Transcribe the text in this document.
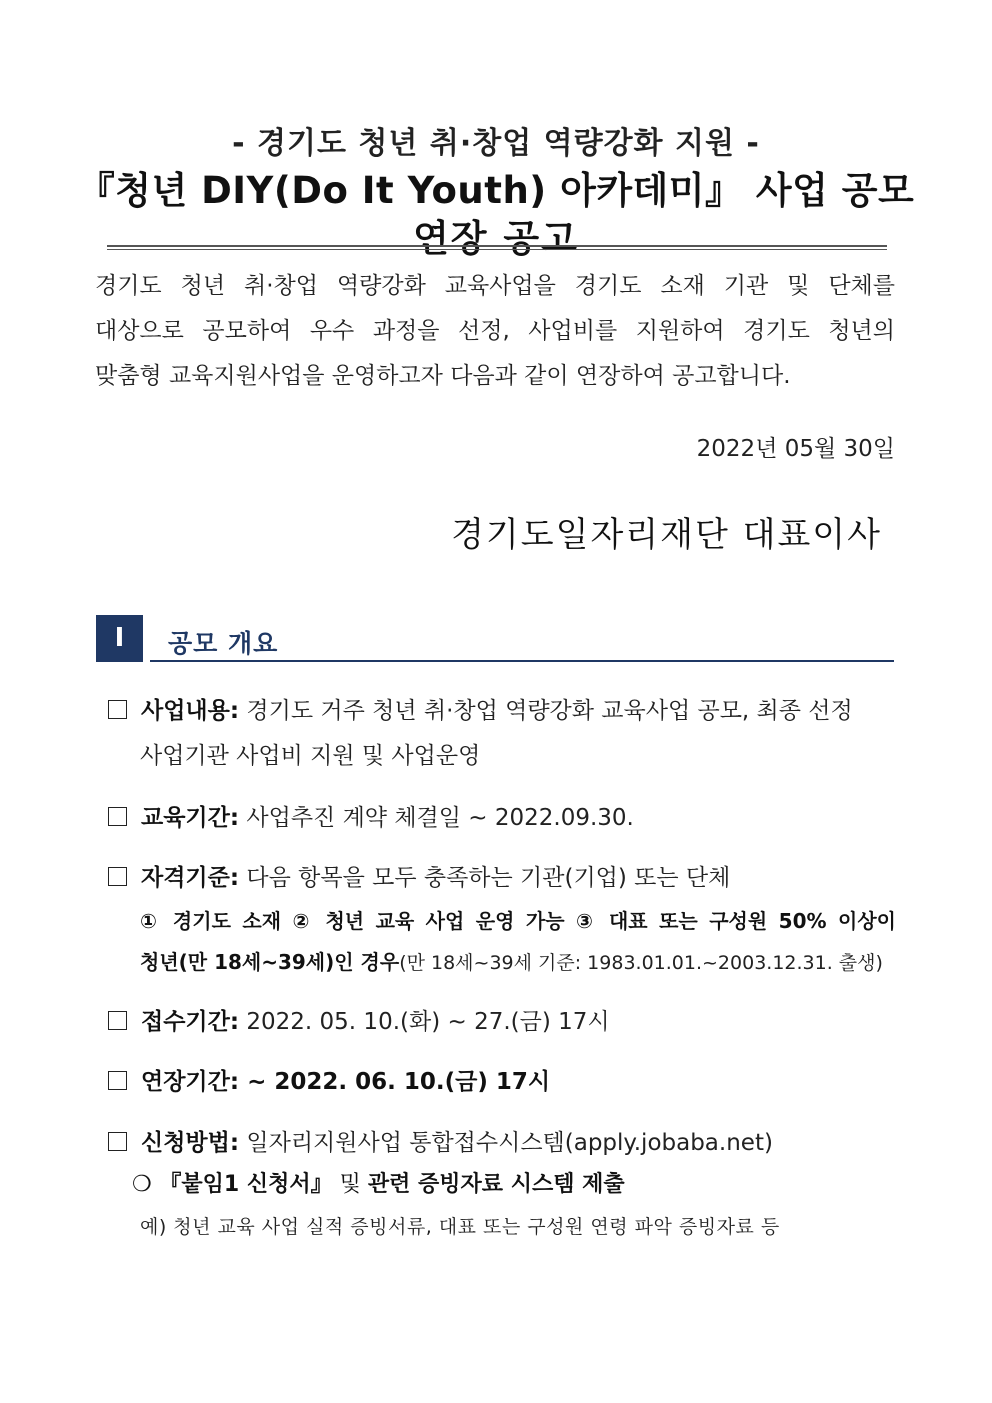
- 경기도 청년 취·창업 역량강화 지원 -
『청년 DIY(Do It Youth) 아카데미』 사업 공모
연장 공고
경기도 청년 취·창업 역량강화 교육사업을 경기도 소재 기관 및 단체를
대상으로 공모하여 우수 과정을 선정, 사업비를 지원하여 경기도 청년의
맞춤형 교육지원사업을 운영하고자 다음과 같이 연장하여 공고합니다.
2022년 05월 30일
경기도일자리재단 대표이사
Ⅰ	공모 개요
사업내용: 경기도 거주 청년 취·창업 역량강화 교육사업 공모, 최종 선정
사업기관 사업비 지원 및 사업운영
교육기간: 사업추진 계약 체결일 ~ 2022.09.30.
자격기준: 다음 항목을 모두 충족하는 기관(기업) 또는 단체
① 경기도 소재 ② 청년 교육 사업 운영 가능 ③ 대표 또는 구성원 50% 이상이
청년(만 18세~39세)인 경우(만 18세~39세 기준: 1983.01.01.~2003.12.31. 출생)
접수기간: 2022. 05. 10.(화) ~ 27.(금) 17시
연장기간: ~ 2022. 06. 10.(금) 17시
신청방법: 일자리지원사업 통합접수시스템(apply.jobaba.net)
❍ 『붙임1 신청서』 및 관련 증빙자료 시스템 제출
예) 청년 교육 사업 실적 증빙서류, 대표 또는 구성원 연령 파악 증빙자료 등
